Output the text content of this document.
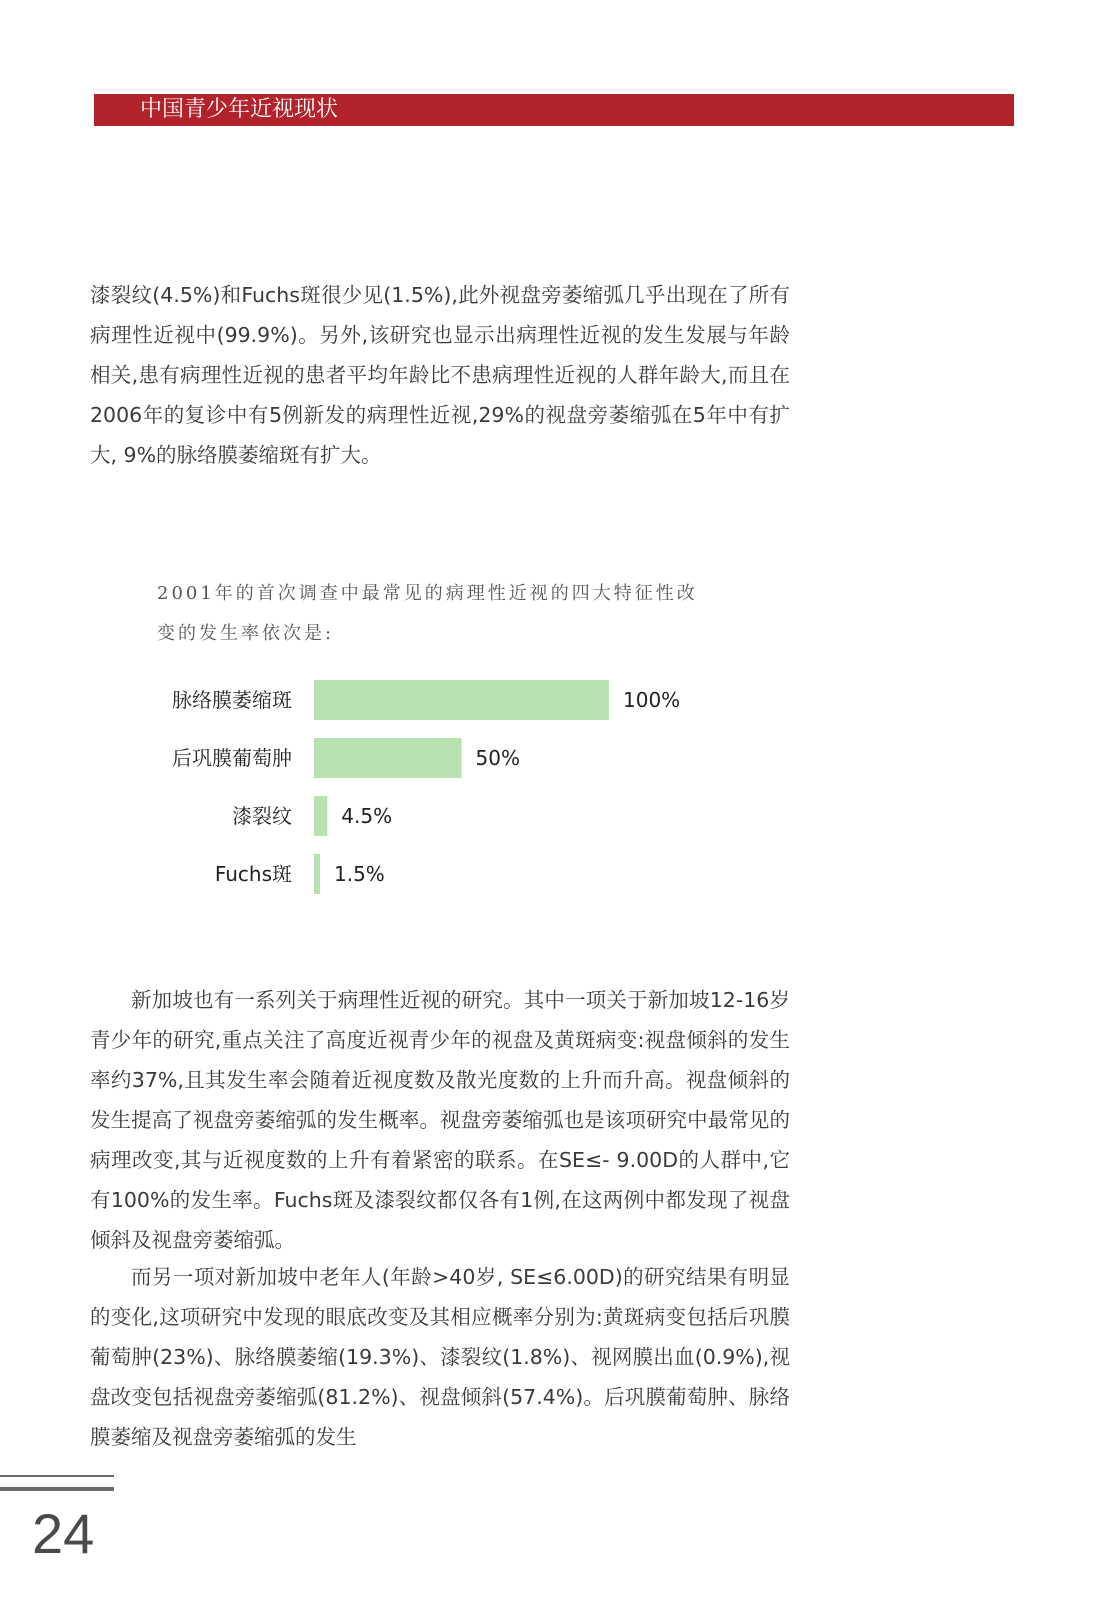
中国青少年近视现状

漆裂纹(4.5%)和Fuchs斑很少见(1.5%),此外视盘旁萎缩弧几乎出现在了所有病理性近视中(99.9%)。另外,该研究也显示出病理性近视的发生发展与年龄相关,患有病理性近视的患者平均年龄比不患病理性近视的人群年龄大,而且在2006年的复诊中有5例新发的病理性近视,29%的视盘旁萎缩弧在5年中有扩大, 9%的脉络膜萎缩斑有扩大。

2001年的首次调查中最常见的病理性近视的四大特征性改变的发生率依次是:

脉络膜萎缩斑	100%
后巩膜葡萄肿	50%
漆裂纹 4.5%
Fuchs斑 1.5%

新加坡也有一系列关于病理性近视的研究。其中一项关于新加坡12-16岁青少年的研究,重点关注了高度近视青少年的视盘及黄斑病变:视盘倾斜的发生率约37%,且其发生率会随着近视度数及散光度数的上升而升高。视盘倾斜的发生提高了视盘旁萎缩弧的发生概率。视盘旁萎缩弧也是该项研究中最常见的病理改变,其与近视度数的上升有着紧密的联系。在SE≤- 9.00D的人群中,它有100%的发生率。Fuchs斑及漆裂纹都仅各有1例,在这两例中都发现了视盘倾斜及视盘旁萎缩弧。

而另一项对新加坡中老年人(年龄>40岁, SE≤6.00D)的研究结果有明显的变化,这项研究中发现的眼底改变及其相应概率分别为:黄斑病变包括后巩膜葡萄肿(23%)、脉络膜萎缩(19.3%)、漆裂纹(1.8%)、视网膜出血(0.9%),视盘改变包括视盘旁萎缩弧(81.2%)、视盘倾斜(57.4%)。后巩膜葡萄肿、脉络膜萎缩及视盘旁萎缩弧的发生

24
